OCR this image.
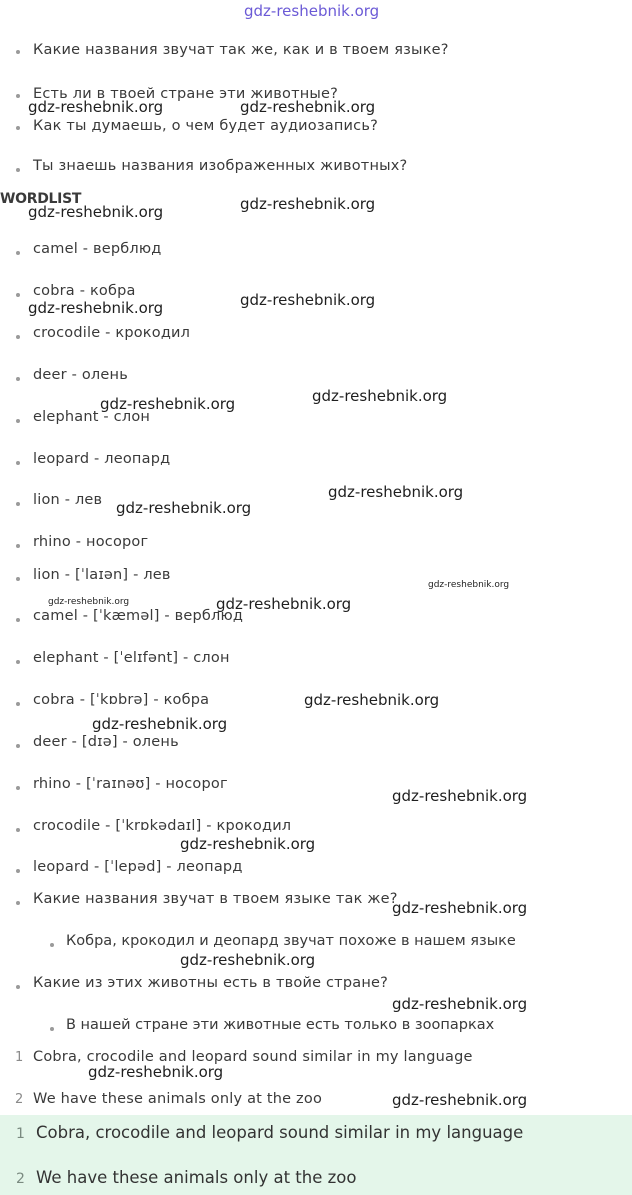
gdz-reshebnik.org
Какие названия звучат так же, как и в твоем языке?
Есть ли в твоей стране эти животные?
Как ты думаешь, о чем будет аудиозапись?
Ты знаешь названия изображенных животных?
WORDLIST
camel - верблюд
cobra - кобра
crocodile - крокодил
deer - олень
elephant - слон
leopard - леопард
lion - лев
rhino - носорог
lion - [ˈlaɪən] - лев
camel - [ˈkæməl] - верблюд
elephant - [ˈelɪfənt] - слон
cobra - [ˈkɒbrə] - кобра
deer - [dɪə] - олень
rhino - [ˈraɪnəʊ] - носорог
crocodile - [ˈkrɒkədaɪl] - крокодил
leopard - [ˈlepəd] - леопард
Какие названия звучат в твоем языке так же?
Кобра, крокодил и деопард звучат похоже в нашем языке
Какие из этих животны есть в твойе стране?
В нашей стране эти животные есть только в зоопарках
1 Cobra, crocodile and leopard sound similar in my language
2 We have these animals only at the zoo
1 Cobra, crocodile and leopard sound similar in my language
2 We have these animals only at the zoo
gdz-reshebnik.org	gdz-reshebnik.org
gdz-reshebnik.org	gdz-reshebnik.org
gdz-reshebnik.org	gdz-reshebnik.org
gdz-reshebnik.org	gdz-reshebnik.org
gdz-reshebnik.org
gdz-reshebnik.org
gdz-reshebnik.org
gdz-reshebnik.org	gdz-reshebnik.org
gdz-reshebnik.org
gdz-reshebnik.org
gdz-reshebnik.org
gdz-reshebnik.org
gdz-reshebnik.org
gdz-reshebnik.org
gdz-reshebnik.org
gdz-reshebnik.org
gdz-reshebnik.org
